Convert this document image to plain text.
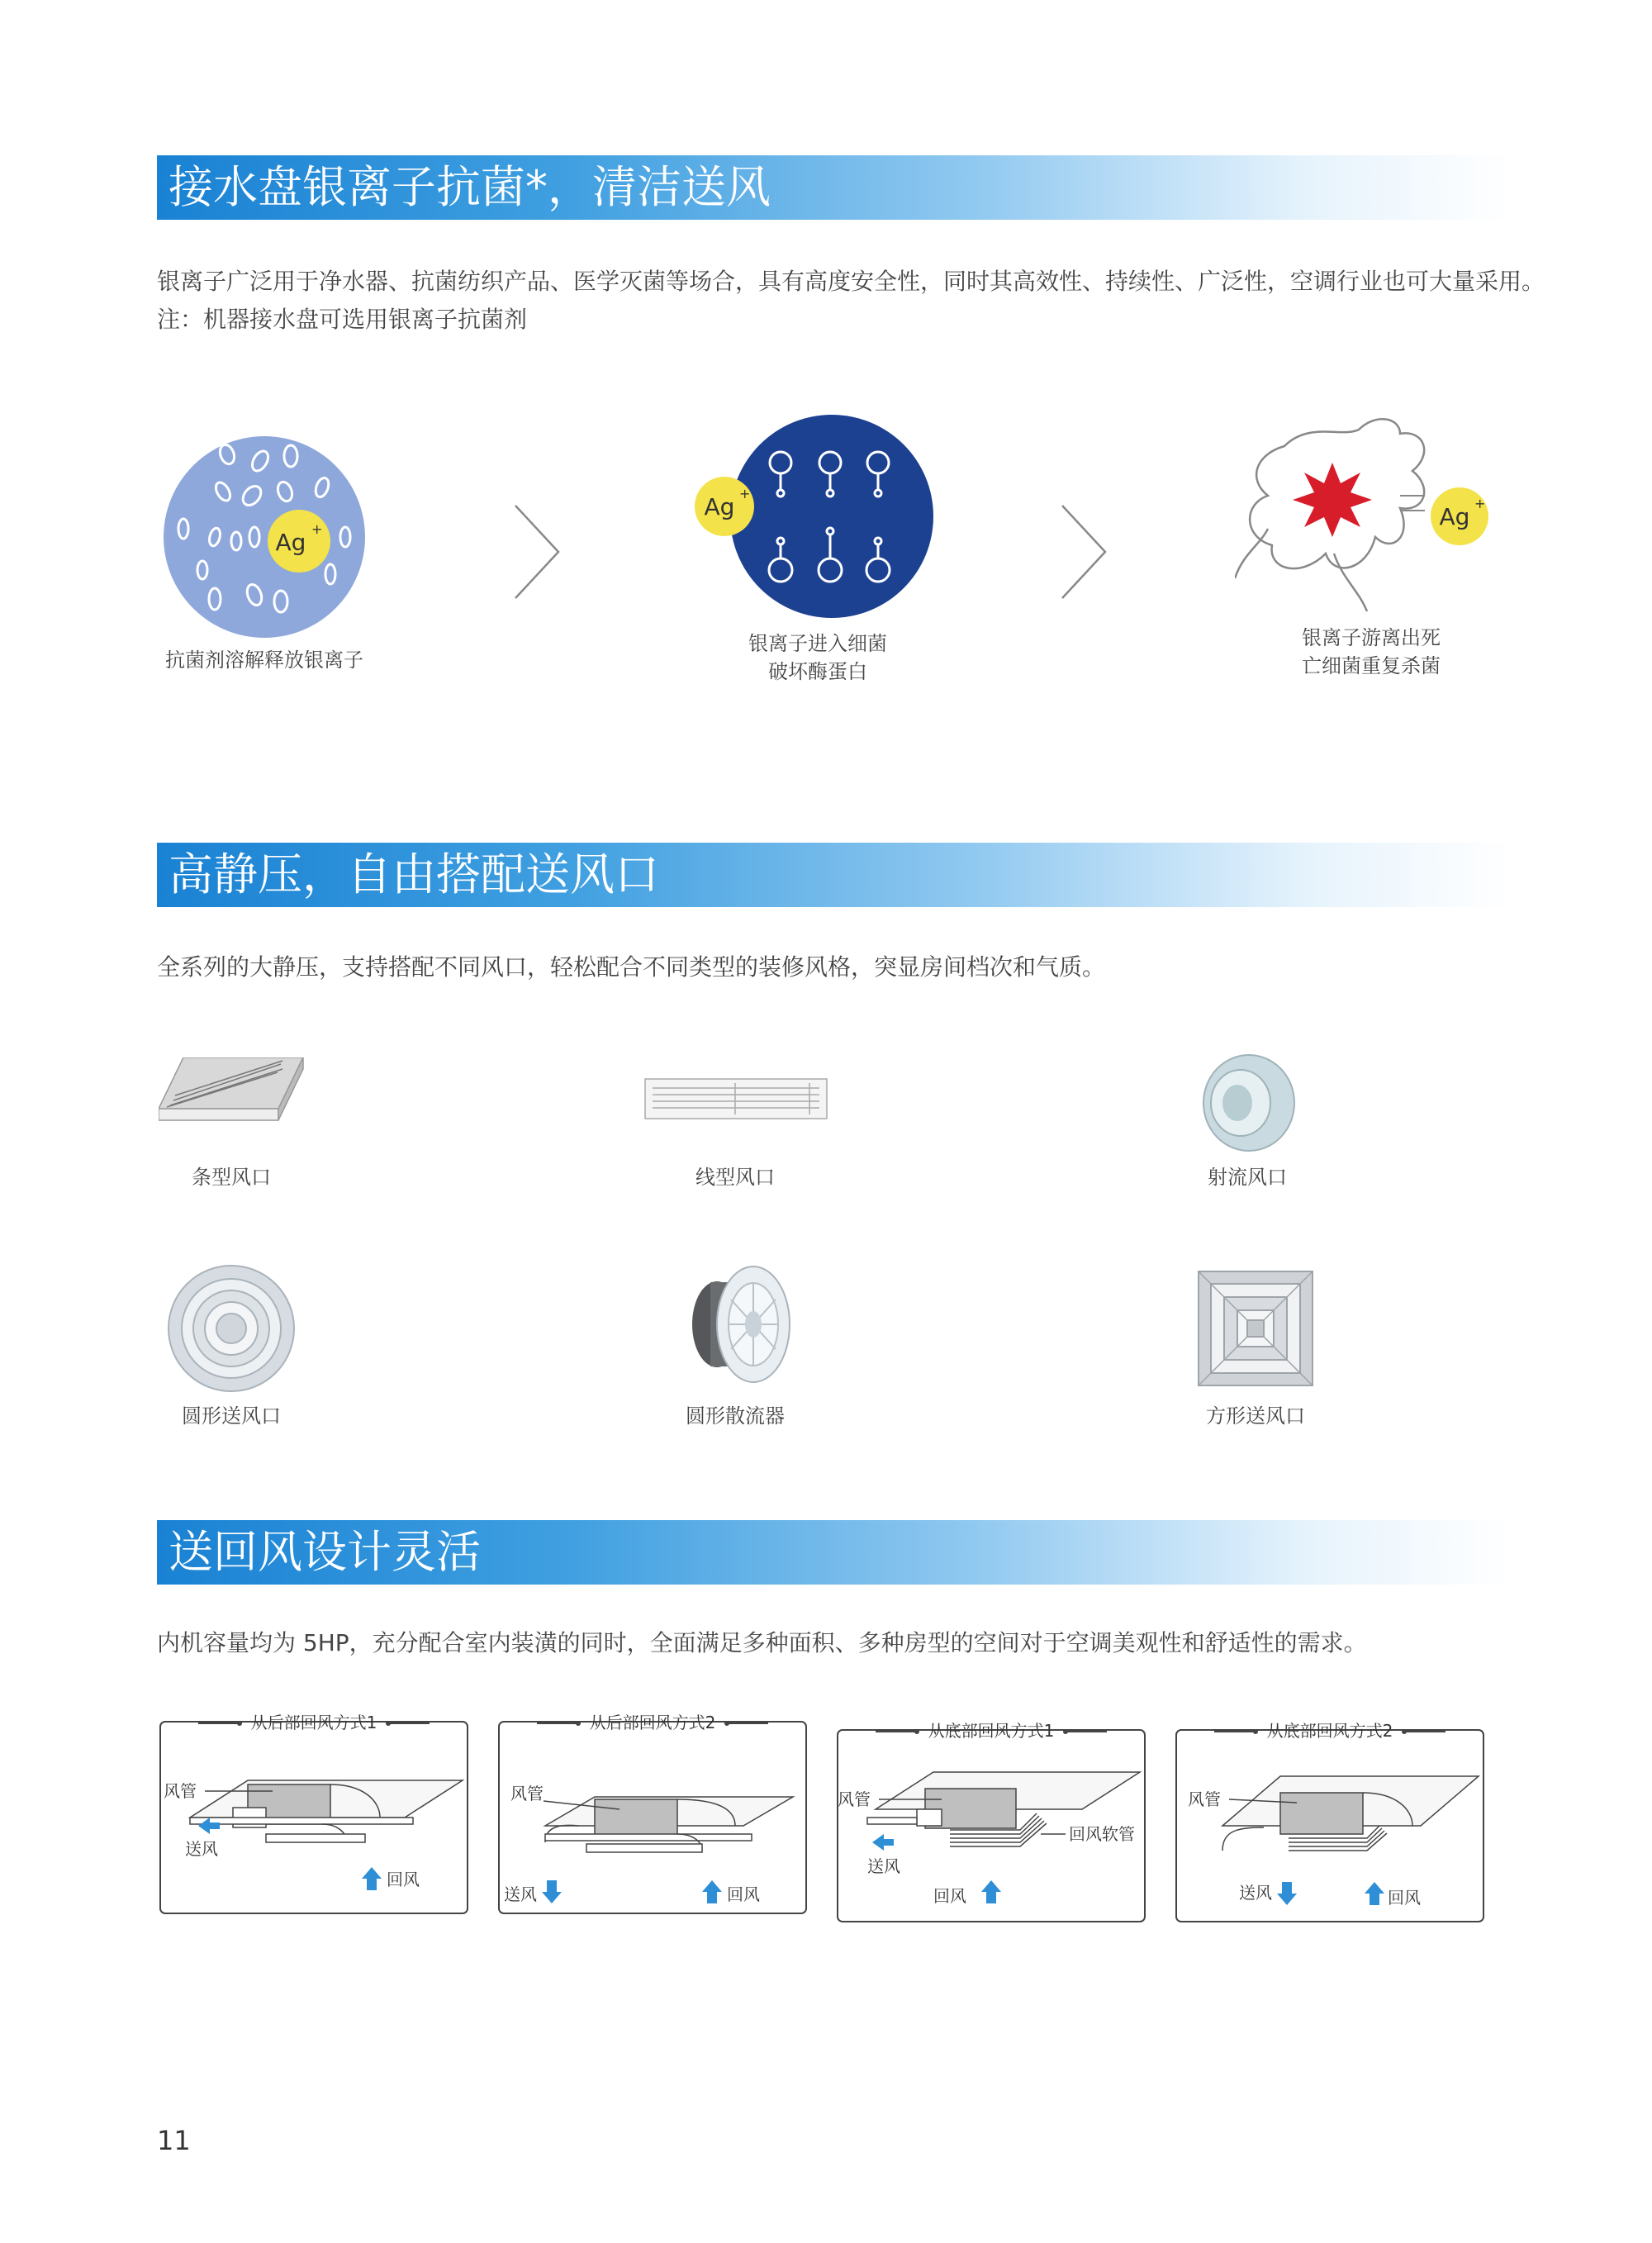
接水盘银离子抗菌*，清洁送风
银离子广泛用于净水器、抗菌纺织产品、医学灭菌等场合，具有高度安全性，同时其高效性、持续性、广泛性，空调行业也可大量采用。
注：机器接水盘可选用银离子抗菌剂
Ag +
抗菌剂溶解释放银离子
Ag +
银离子进入细菌
破坏酶蛋白
Ag +
银离子游离出死
亡细菌重复杀菌
高静压，自由搭配送风口
全系列的大静压，支持搭配不同风口，轻松配合不同类型的装修风格，突显房间档次和气质。
条型风口	线型风口	射流风口
圆形送风口	圆形散流器	方形送风口
送回风设计灵活
内机容量均为 5HP，充分配合室内装潢的同时，全面满足多种面积、多种房型的空间对于空调美观性和舒适性的需求。
从后部回风方式1
风管
送风
回风
从后部回风方式2
风管
送风	回风
从底部回风方式1
风管
送风
回风软管
回风
从底部回风方式2
风管
送风	回风
11
